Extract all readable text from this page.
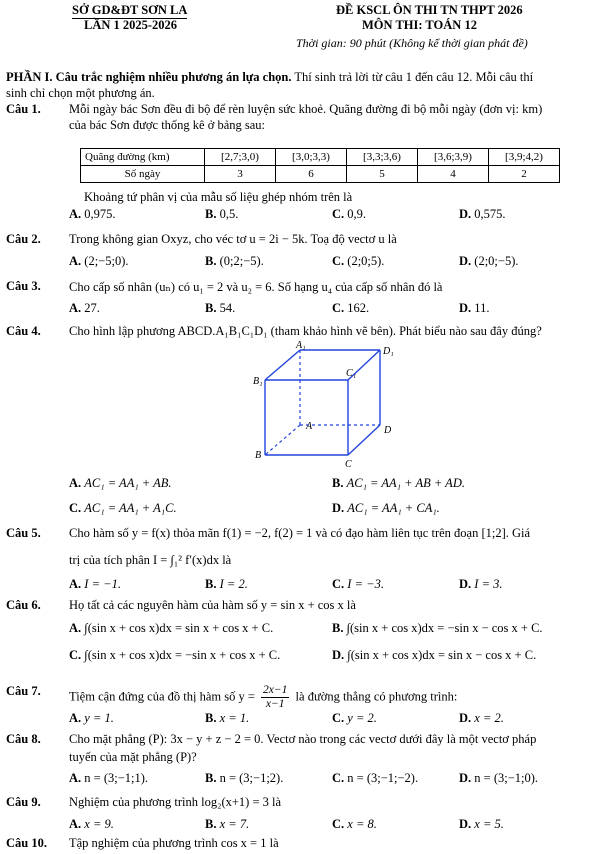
SỞ GD&ĐT SƠN LA
LẦN 1 2025-2026
ĐỀ KSCL ÔN THI TN THPT 2026
MÔN THI: TOÁN 12
Thời gian: 90 phút (Không kể thời gian phát đề)
PHẦN I. Câu trắc nghiệm nhiều phương án lựa chọn. Thí sinh trả lời từ câu 1 đến câu 12. Mỗi câu thí
sinh chỉ chọn một phương án.
Câu 1. Mỗi ngày bác Sơn đều đi bộ để rèn luyện sức khoẻ. Quãng đường đi bộ mỗi ngày (đơn vị: km)
của bác Sơn được thống kê ở bảng sau:
Quãng đường (km)	[2,7;3,0)	[3,0;3,3)	[3,3;3,6)	[3,6;3,9)	[3,9;4,2)
Số ngày	3	6	5	4	2
Khoảng tứ phân vị của mẫu số liệu ghép nhóm trên là
A. 0,975.	B. 0,5.	C. 0,9.	D. 0,575.
Câu 2. Trong không gian Oxyz, cho véc tơ u = 2i − 5k. Toạ độ vectơ u là
A. (2;−5;0).	B. (0;2;−5).	C. (2;0;5).	D. (2;0;−5).
Câu 3. Cho cấp số nhân (uₙ) có u₁ = 2 và u₂ = 6. Số hạng u₄ của cấp số nhân đó là
A. 27.	B. 54.	C. 162.	D. 11.
Câu 4. Cho hình lập phương ABCD.A₁B₁C₁D₁ (tham khảo hình vẽ bên). Phát biểu nào sau đây đúng?
A₁
D₁
B₁
C₁
A	D
B
C
A. AC₁ = AA₁ + AB.	B. AC₁ = AA₁ + AB + AD.
C. AC₁ = AA₁ + A₁C.	D. AC₁ = AA₁ + CA₁.
Câu 5. Cho hàm số y = f(x) thỏa mãn f(1) = −2, f(2) = 1 và có đạo hàm liên tục trên đoạn [1;2]. Giá
trị của tích phân I = ∫₁² f′(x)dx là
A. I = −1.	B. I = 2.	C. I = −3.	D. I = 3.
Câu 6. Họ tất cả các nguyên hàm của hàm số y = sin x + cos x là
A. ∫(sin x + cos x)dx = sin x + cos x + C.	B. ∫(sin x + cos x)dx = −sin x − cos x + C.
C. ∫(sin x + cos x)dx = −sin x + cos x + C.	D. ∫(sin x + cos x)dx = sin x − cos x + C.
Câu 7. Tiệm cận đứng của đồ thị hàm số $y = \frac{2x-1}{x-1}$ là đường thẳng có phương trình:
A. y = 1.	B. x = 1.	C. y = 2.	D. x = 2.
Câu 8. Cho mặt phẳng (P): 3x − y + z − 2 = 0. Vectơ nào trong các vectơ dưới đây là một vectơ pháp
tuyến của mặt phẳng (P)?
A. n = (3;−1;1).	B. n = (3;−1;2).	C. n = (3;−1;−2).	D. n = (3;−1;0).
Câu 9. Nghiệm của phương trình log₂(x+1) = 3 là
A. x = 9.	B. x = 7.	C. x = 8.	D. x = 5.
Câu 10. Tập nghiệm của phương trình cos x = 1 là
